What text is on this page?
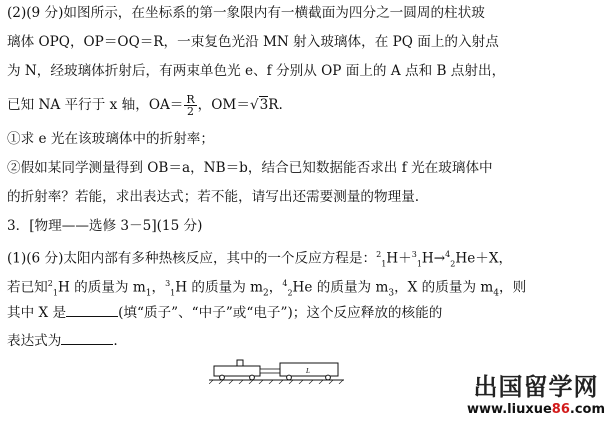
(2)(9 分)如图所示，在坐标系的第一象限内有一横截面为四分之一圆周的柱状玻
璃体 OPQ，OP＝OQ＝R，一束复色光沿 MN 射入玻璃体，在 PQ 面上的入射点
为 N，经玻璃体折射后，有两束单色光 e、f 分别从 OP 面上的 A 点和 B 点射出，
已知 NA 平行于 x 轴，$OA= \frac{R}{2}$ ，OM＝√3R.
①求 e 光在该玻璃体中的折射率；
②假如某同学测量得到 OB＝a，NB＝b，结合已知数据能否求出 f 光在玻璃体中
的折射率？若能，求出表达式；若不能，请写出还需要测量的物理量.
3．[物理——选修 3－5](15 分)
(1)(6 分)太阳内部有多种热核反应，其中的一个反应方程是：$^2_1$H＋$^3_1$H→$^4_2$He＋X，
若已知$^2_1$H 的质量为 $m_1$，$^3_1$H 的质量为 $m_2$，$^4_2$He 的质量为 $m_3$，X 的质量为 $m_4$，则
其中 X 是	(填“质子”、“中子”或“电子”)；这个反应释放的核能的
表达式为	.
L
出国留学网
www.liuxue86.com
